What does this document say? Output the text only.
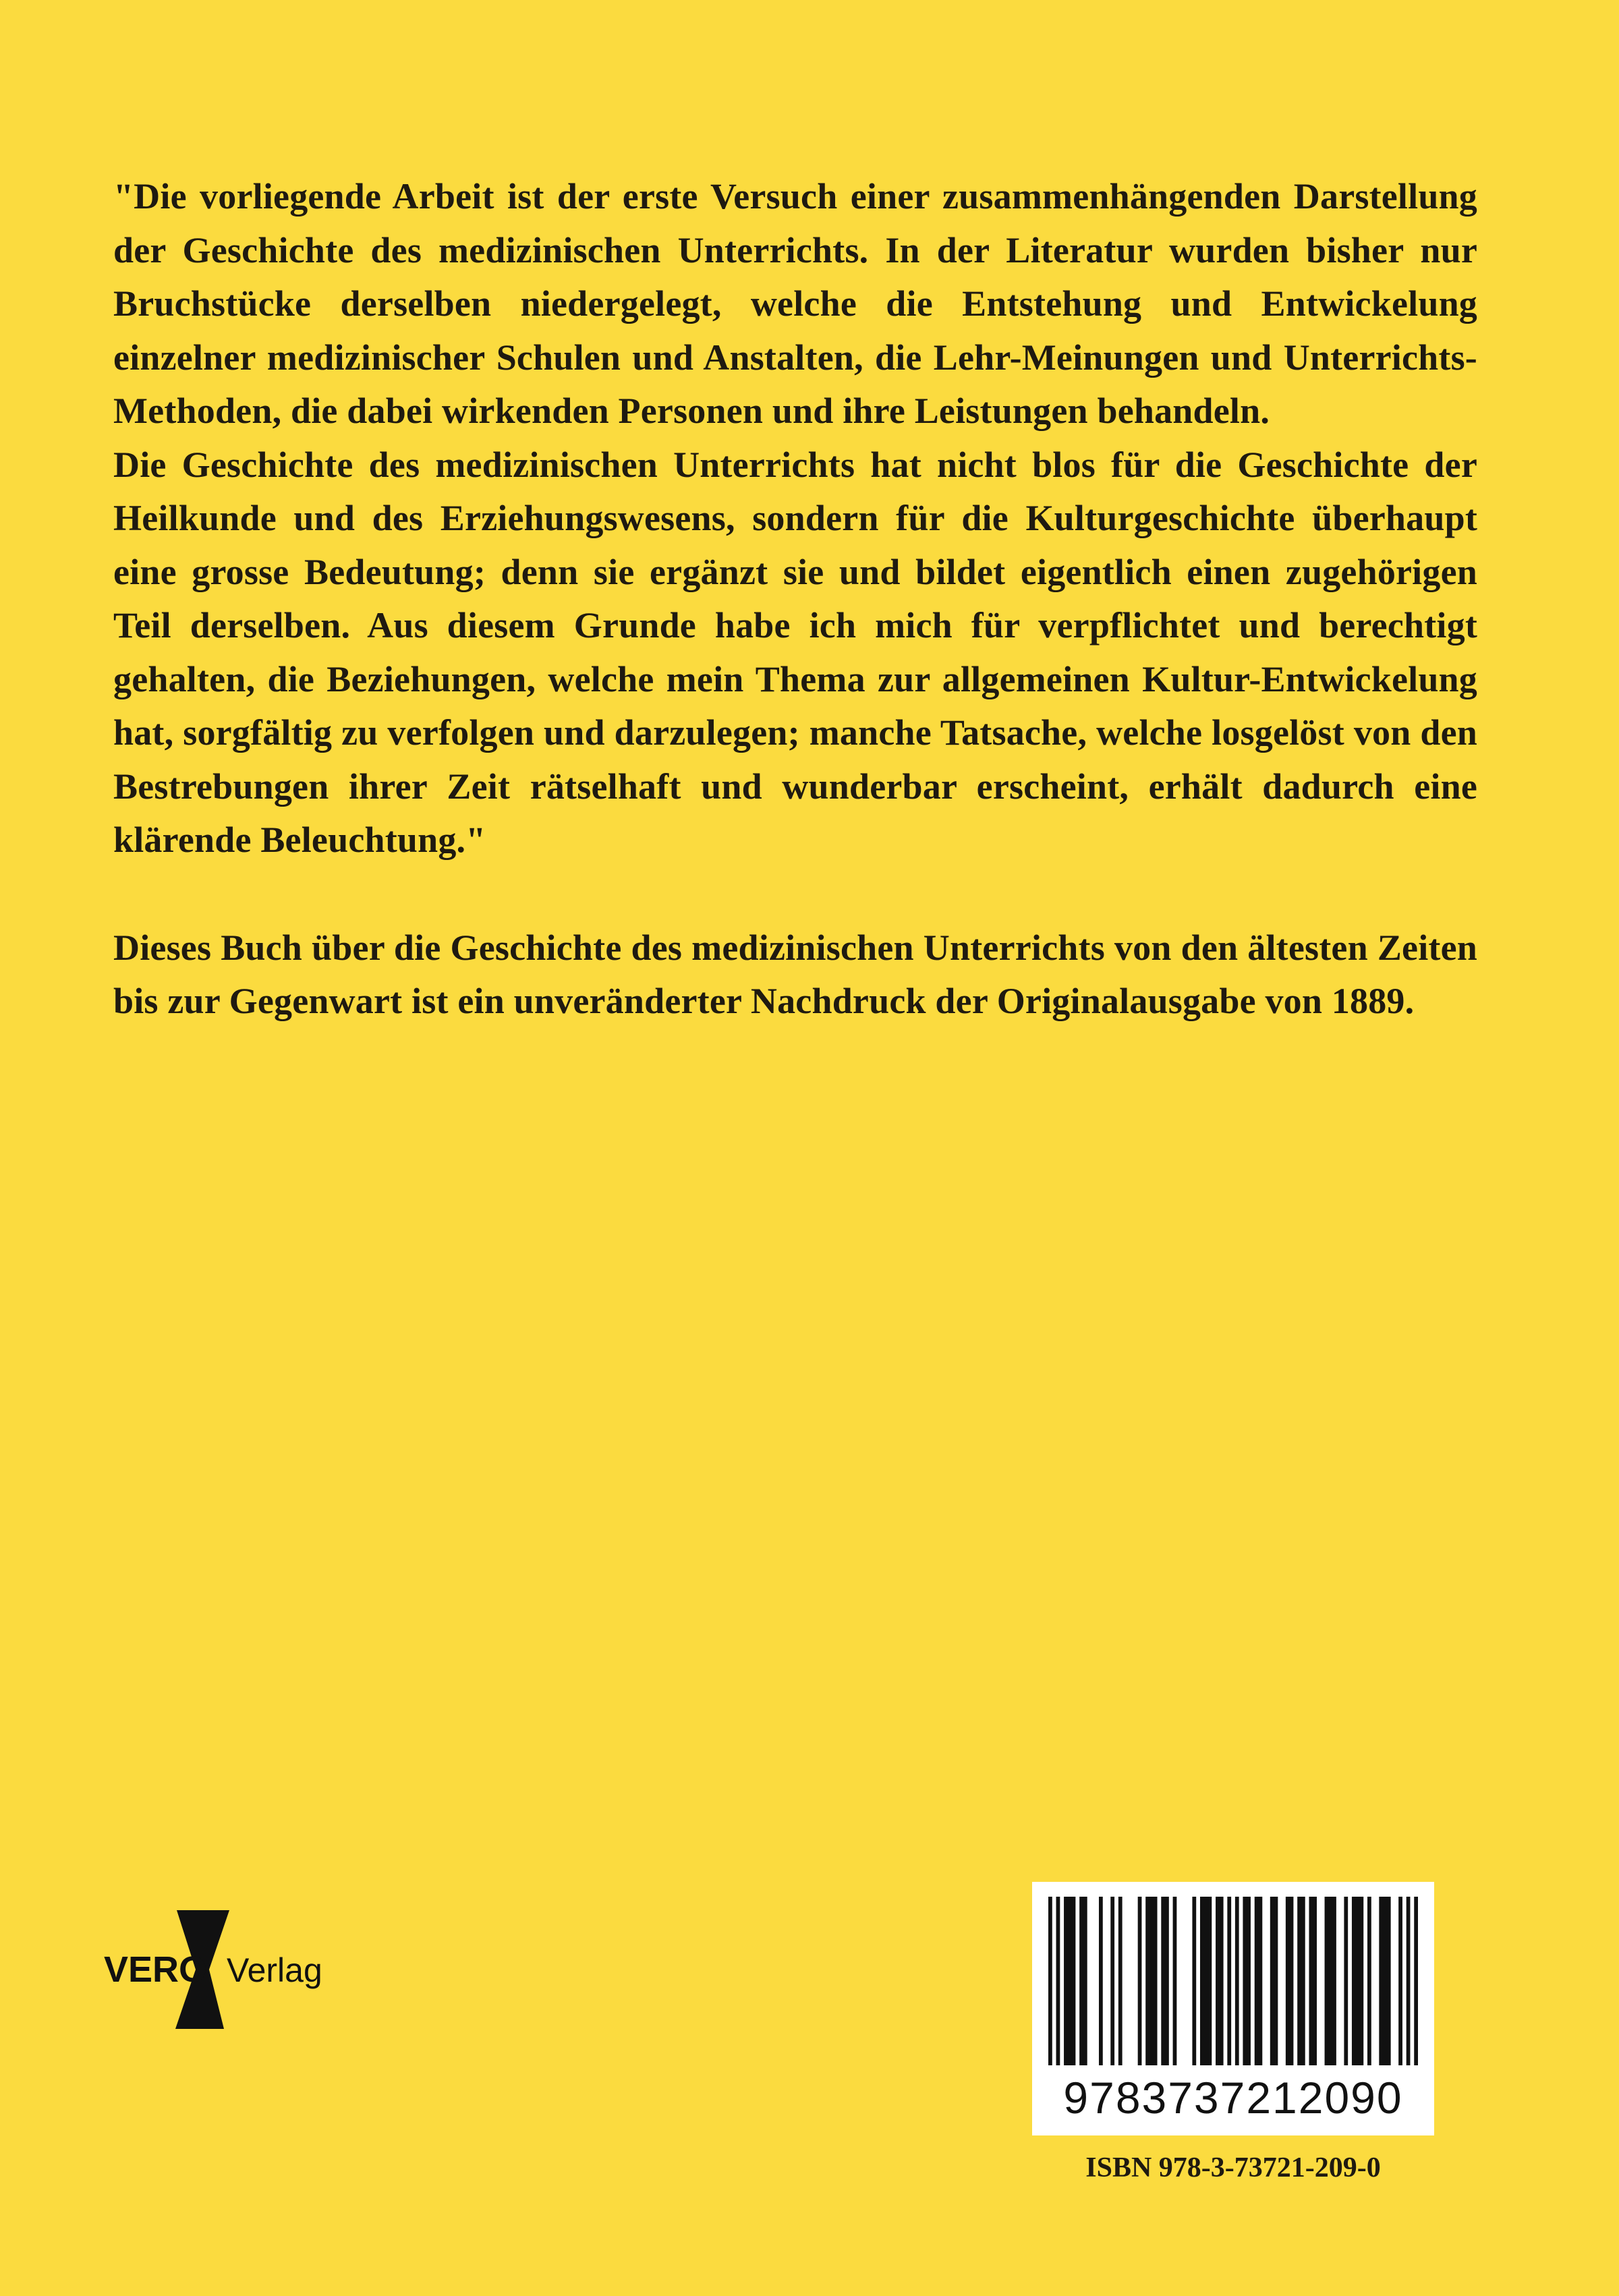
"Die vorliegende Arbeit ist der erste Versuch einer zusammenhängenden Darstellung der Geschichte des medizinischen Unterrichts. In der Literatur wurden bisher nur Bruchstücke derselben niedergelegt, welche die Entstehung und Entwickelung einzelner medizinischer Schulen und Anstalten, die Lehr-Meinungen und Unterrichts-Methoden, die dabei wirkenden Personen und ihre Leistungen behandeln.

Die Geschichte des medizinischen Unterrichts hat nicht blos für die Geschichte der Heilkunde und des Erziehungswesens, sondern für die Kulturgeschichte überhaupt eine grosse Bedeutung; denn sie ergänzt sie und bildet eigentlich einen zugehörigen Teil derselben. Aus diesem Grunde habe ich mich für verpflichtet und berechtigt gehalten, die Beziehungen, welche mein Thema zur allgemeinen Kultur-Entwickelung hat, sorgfältig zu verfolgen und darzulegen; manche Tatsache, welche losgelöst von den Bestrebungen ihrer Zeit rätselhaft und wunderbar erscheint, erhält dadurch eine klärende Beleuchtung."

Dieses Buch über die Geschichte des medizinischen Unterrichts von den ältesten Zeiten bis zur Gegenwart ist ein unveränderter Nachdruck der Originalausgabe von 1889.

VERO Verlag
9783737212090
ISBN 978-3-73721-209-0
